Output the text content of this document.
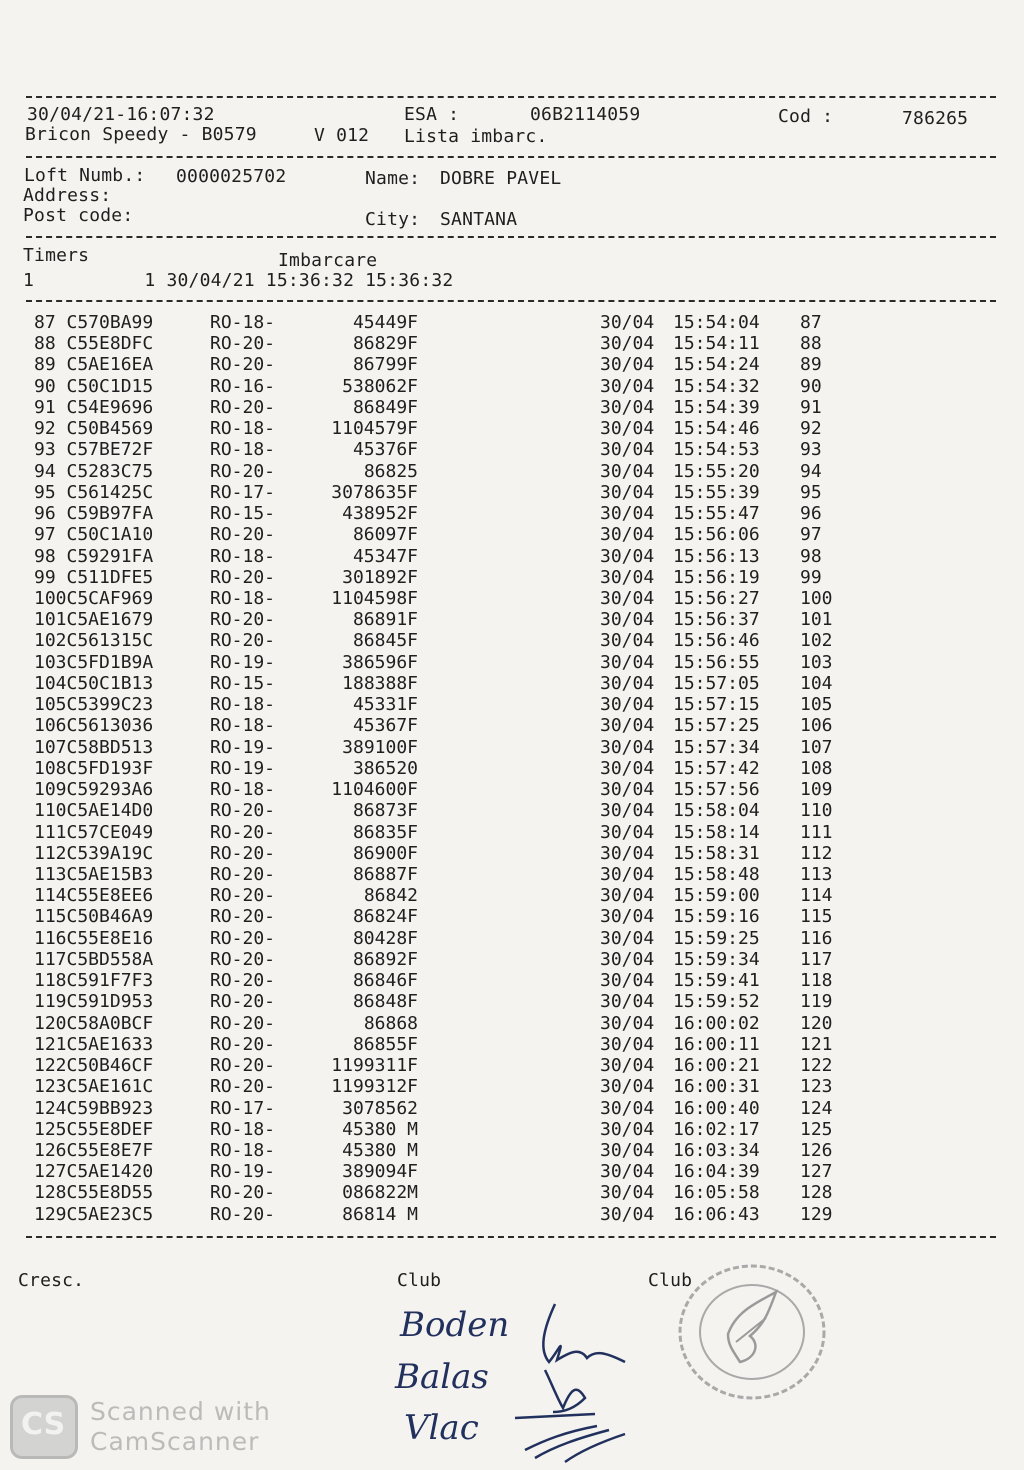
30/04/21-16:07:32	ESA :	06B2114059	Cod :	786265
Bricon Speedy - B0579	V 012 Lista imbarc.
Loft Numb.: 0000025702	Name: DOBRE PAVEL
Address:
Post code:	City: SANTANA
Timers	Imbarcare
1          1 30/04/21 15:36:32 15:36:32
87 C570BA99	RO-18-	45449F	30/04 15:54:04 87
88 C55E8DFC	RO-20-	86829F	30/04 15:54:11 88
89 C5AE16EA	RO-20-	86799F	30/04 15:54:24 89
90 C50C1D15	RO-16-	538062F	30/04 15:54:32 90
91 C54E9696	RO-20-	86849F	30/04 15:54:39 91
92 C50B4569	RO-18-	1104579F	30/04 15:54:46 92
93 C57BE72F	RO-18-	45376F	30/04 15:54:53 93
94 C5283C75	RO-20-	86825	30/04 15:55:20 94
95 C561425C	RO-17-	3078635F	30/04 15:55:39 95
96 C59B97FA	RO-15-	438952F	30/04 15:55:47 96
97 C50C1A10	RO-20-	86097F	30/04 15:56:06 97
98 C59291FA	RO-18-	45347F	30/04 15:56:13 98
99 C511DFE5	RO-20-	301892F	30/04 15:56:19 99
100C5CAF969	RO-18-	1104598F	30/04 15:56:27 100
101C5AE1679	RO-20-	86891F	30/04 15:56:37 101
102C561315C	RO-20-	86845F	30/04 15:56:46 102
103C5FD1B9A	RO-19-	386596F	30/04 15:56:55 103
104C50C1B13	RO-15-	188388F	30/04 15:57:05 104
105C5399C23	RO-18-	45331F	30/04 15:57:15 105
106C5613036	RO-18-	45367F	30/04 15:57:25 106
107C58BD513	RO-19-	389100F	30/04 15:57:34 107
108C5FD193F	RO-19-	386520	30/04 15:57:42 108
109C59293A6	RO-18-	1104600F	30/04 15:57:56 109
110C5AE14D0	RO-20-	86873F	30/04 15:58:04 110
111C57CE049	RO-20-	86835F	30/04 15:58:14 111
112C539A19C	RO-20-	86900F	30/04 15:58:31 112
113C5AE15B3	RO-20-	86887F	30/04 15:58:48 113
114C55E8EE6	RO-20-	86842	30/04 15:59:00 114
115C50B46A9	RO-20-	86824F	30/04 15:59:16 115
116C55E8E16	RO-20-	80428F	30/04 15:59:25 116
117C5BD558A	RO-20-	86892F	30/04 15:59:34 117
118C591F7F3	RO-20-	86846F	30/04 15:59:41 118
119C591D953	RO-20-	86848F	30/04 15:59:52 119
120C58A0BCF	RO-20-	86868	30/04 16:00:02 120
121C5AE1633	RO-20-	86855F	30/04 16:00:11 121
122C50B46CF	RO-20-	1199311F	30/04 16:00:21 122
123C5AE161C	RO-20-	1199312F	30/04 16:00:31 123
124C59BB923	RO-17-	3078562	30/04 16:00:40 124
125C55E8DEF	RO-18-	45380 M	30/04 16:02:17 125
126C55E8E7F	RO-18-	45380 M	30/04 16:03:34 126
127C5AE1420	RO-19-	389094F	30/04 16:04:39 127
128C55E8D55	RO-20-	086822M	30/04 16:05:58 128
129C5AE23C5	RO-20-	86814 M	30/04 16:06:43 129
Cresc.	Club	Club
Boden
Balas
Vlac
CS Scanned with
CamScanner
